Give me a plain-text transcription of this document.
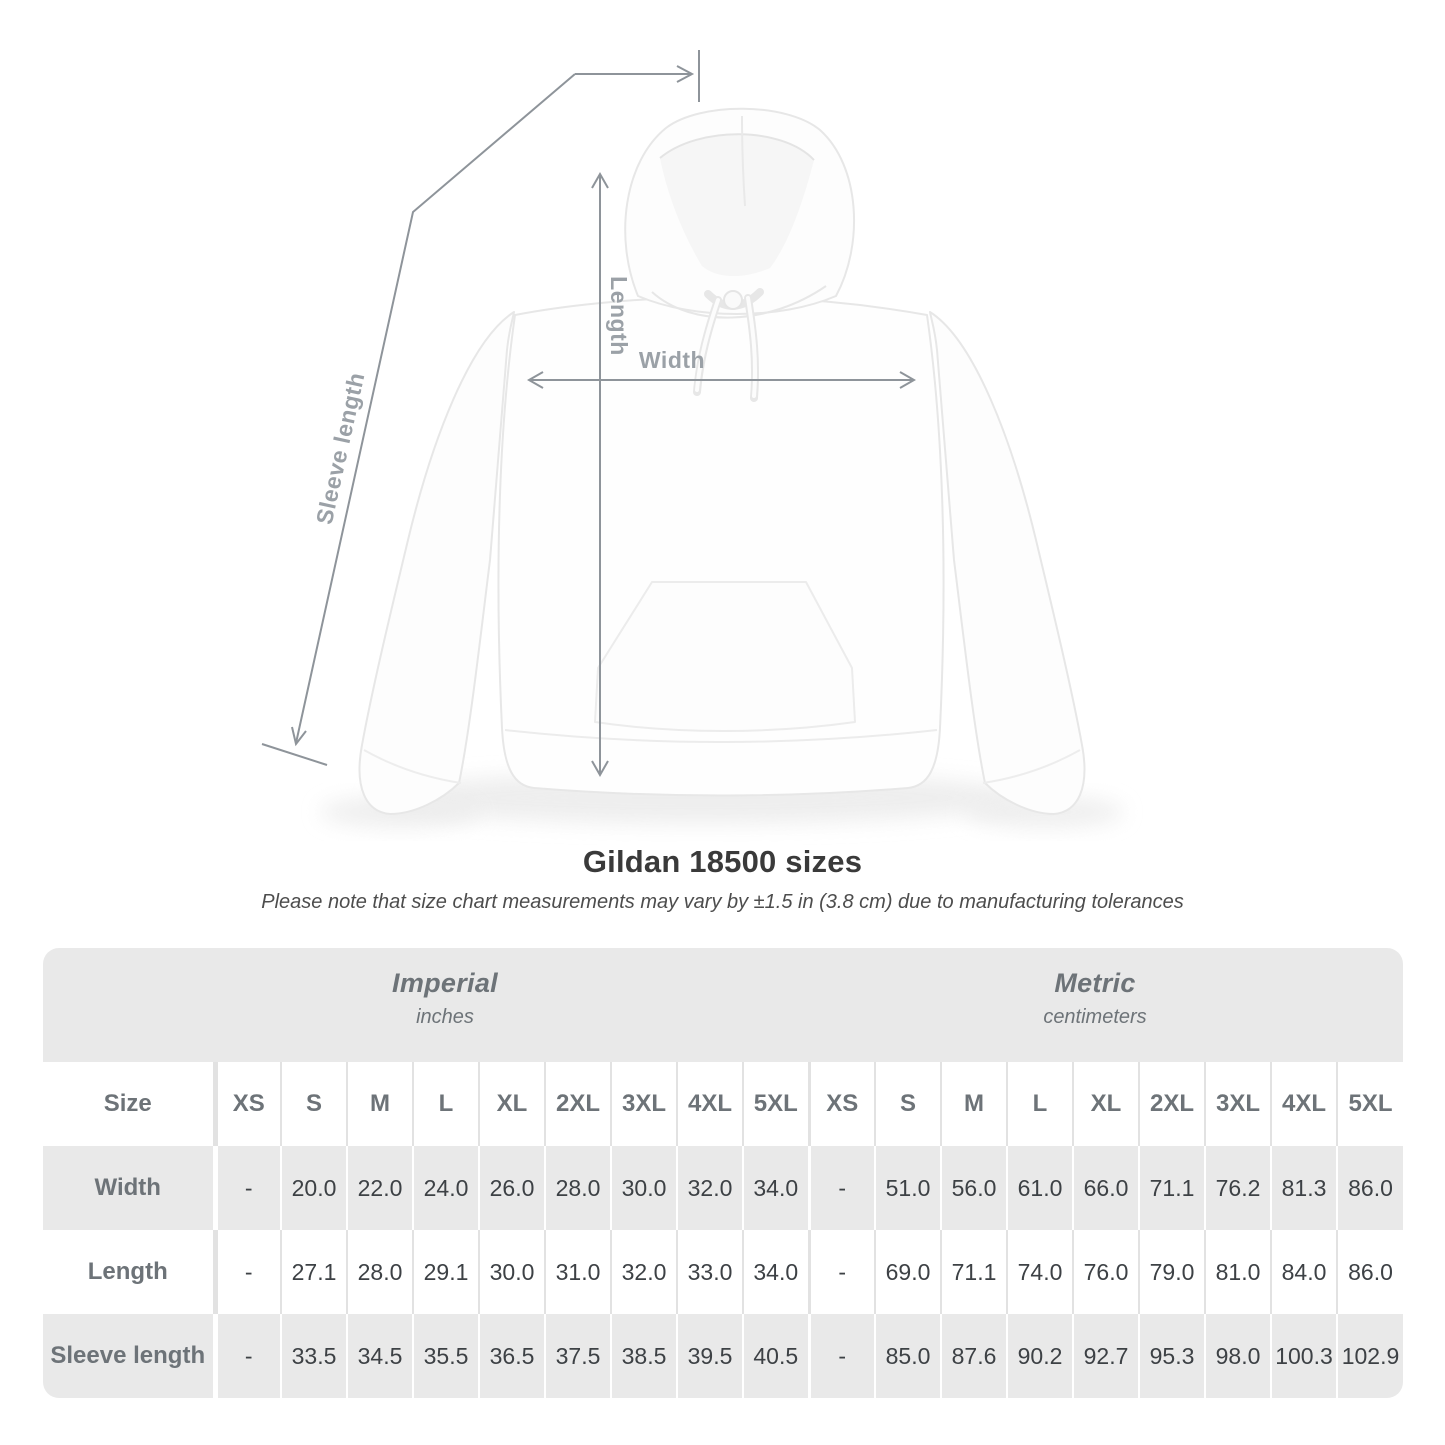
Length
Width
Sleeve length
Gildan 18500 sizes
Please note that size chart measurements may vary by ±1.5 in (3.8 cm) due to manufacturing tolerances
Imperial
inches
Metric
centimeters
Size	XS	S	M	L	XL	2XL	3XL	4XL	5XL	XS	S	M	L	XL	2XL	3XL	4XL	5XL
Width	-	20.0	22.0	24.0	26.0	28.0	30.0	32.0	34.0	-	51.0	56.0	61.0	66.0	71.1	76.2	81.3	86.0
Length	-	27.1	28.0	29.1	30.0	31.0	32.0	33.0	34.0	-	69.0	71.1	74.0	76.0	79.0	81.0	84.0	86.0
Sleeve length	-	33.5	34.5	35.5	36.5	37.5	38.5	39.5	40.5	-	85.0	87.6	90.2	92.7	95.3	98.0	100.3	102.9
